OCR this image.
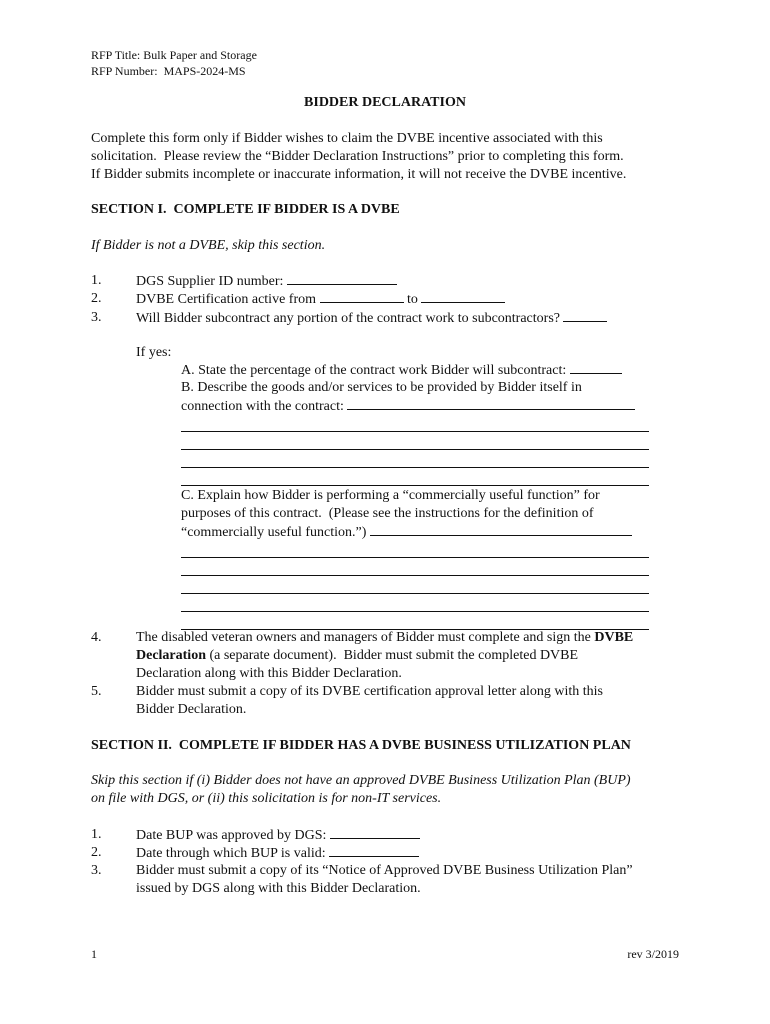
RFP Title: Bulk Paper and Storage
RFP Number:  MAPS-2024-MS
BIDDER DECLARATION
Complete this form only if Bidder wishes to claim the DVBE incentive associated with this
solicitation.  Please review the “Bidder Declaration Instructions” prior to completing this form.
If Bidder submits incomplete or inaccurate information, it will not receive the DVBE incentive.
SECTION I.  COMPLETE IF BIDDER IS A DVBE
If Bidder is not a DVBE, skip this section.
1.	DGS Supplier ID number:
2.	DVBE Certification active from	to
3.	Will Bidder subcontract any portion of the contract work to subcontractors?
If yes:
A. State the percentage of the contract work Bidder will subcontract:
B. Describe the goods and/or services to be provided by Bidder itself in
connection with the contract:
C. Explain how Bidder is performing a “commercially useful function” for
purposes of this contract.  (Please see the instructions for the definition of
“commercially useful function.”)
4.	The disabled veteran owners and managers of Bidder must complete and sign the DVBE
Declaration (a separate document).  Bidder must submit the completed DVBE
Declaration along with this Bidder Declaration.
5.	Bidder must submit a copy of its DVBE certification approval letter along with this
Bidder Declaration.
SECTION II.  COMPLETE IF BIDDER HAS A DVBE BUSINESS UTILIZATION PLAN
Skip this section if (i) Bidder does not have an approved DVBE Business Utilization Plan (BUP)
on file with DGS, or (ii) this solicitation is for non-IT services.
1.	Date BUP was approved by DGS:
2.	Date through which BUP is valid:
3.	Bidder must submit a copy of its “Notice of Approved DVBE Business Utilization Plan”
issued by DGS along with this Bidder Declaration.
1	rev 3/2019
